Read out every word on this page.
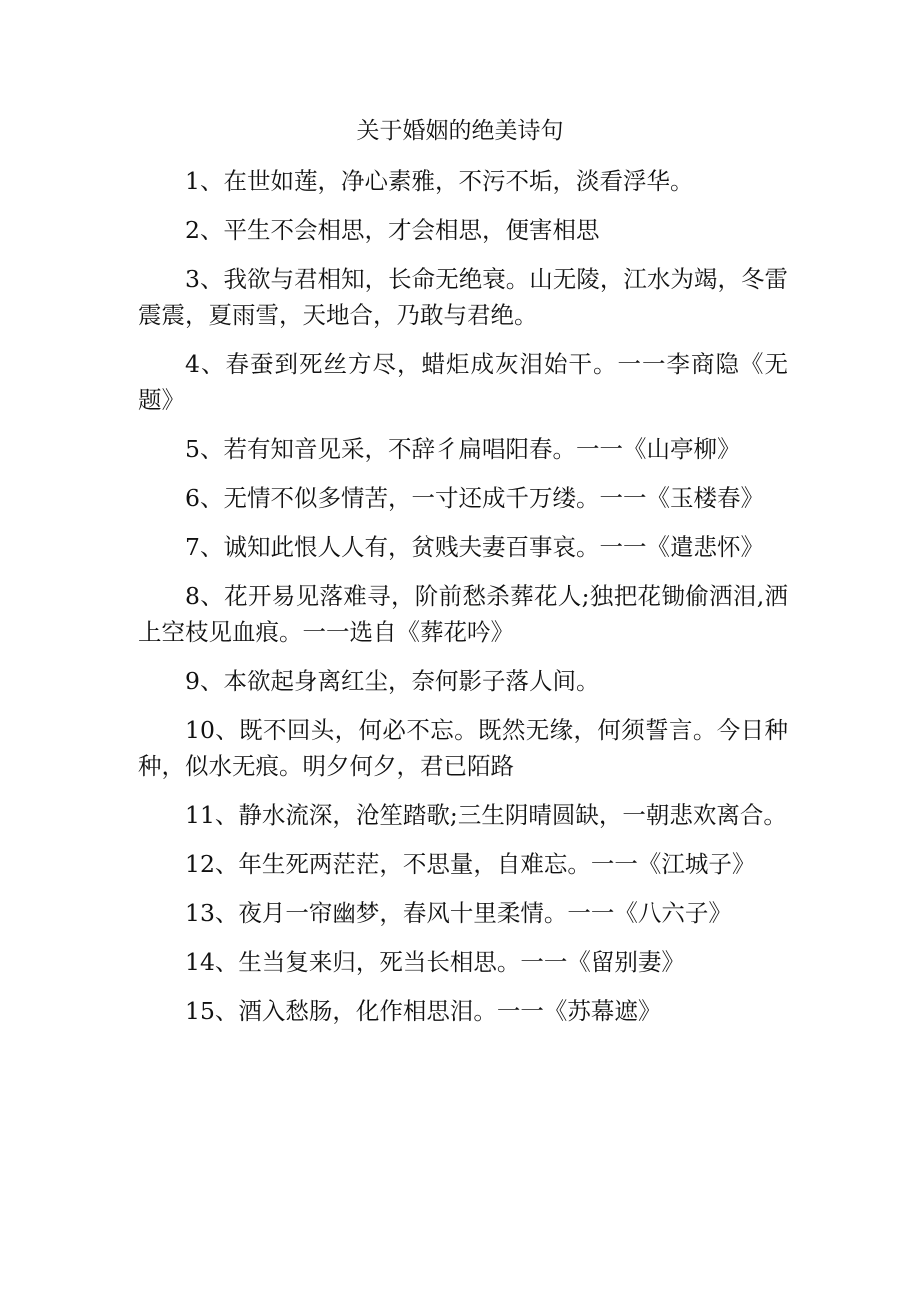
关于婚姻的绝美诗句

1、在世如莲，净心素雅，不污不垢，淡看浮华。

2、平生不会相思，才会相思，便害相思

3、我欲与君相知，长命无绝衰。山无陵，江水为竭，冬雷震震，夏雨雪，天地合，乃敢与君绝。

4、春蚕到死丝方尽，蜡炬成灰泪始干。一一李商隐《无题》

5、若有知音见采，不辞彳扁唱阳春。一一《山亭柳》

6、无情不似多情苦，一寸还成千万缕。一一《玉楼春》

7、诚知此恨人人有，贫贱夫妻百事哀。一一《遣悲怀》

8、花开易见落难寻，阶前愁杀葬花人;独把花锄偷洒泪,洒上空枝见血痕。一一选自《葬花吟》

9、本欲起身离红尘，奈何影子落人间。

10、既不回头，何必不忘。既然无缘，何须誓言。今日种种，似水无痕。明夕何夕，君已陌路

11、静水流深，沧笙踏歌;三生阴晴圆缺，一朝悲欢离合。

12、年生死两茫茫，不思量，自难忘。一一《江城子》

13、夜月一帘幽梦，春风十里柔情。一一《八六子》

14、生当复来归，死当长相思。一一《留别妻》

15、酒入愁肠，化作相思泪。一一《苏幕遮》
